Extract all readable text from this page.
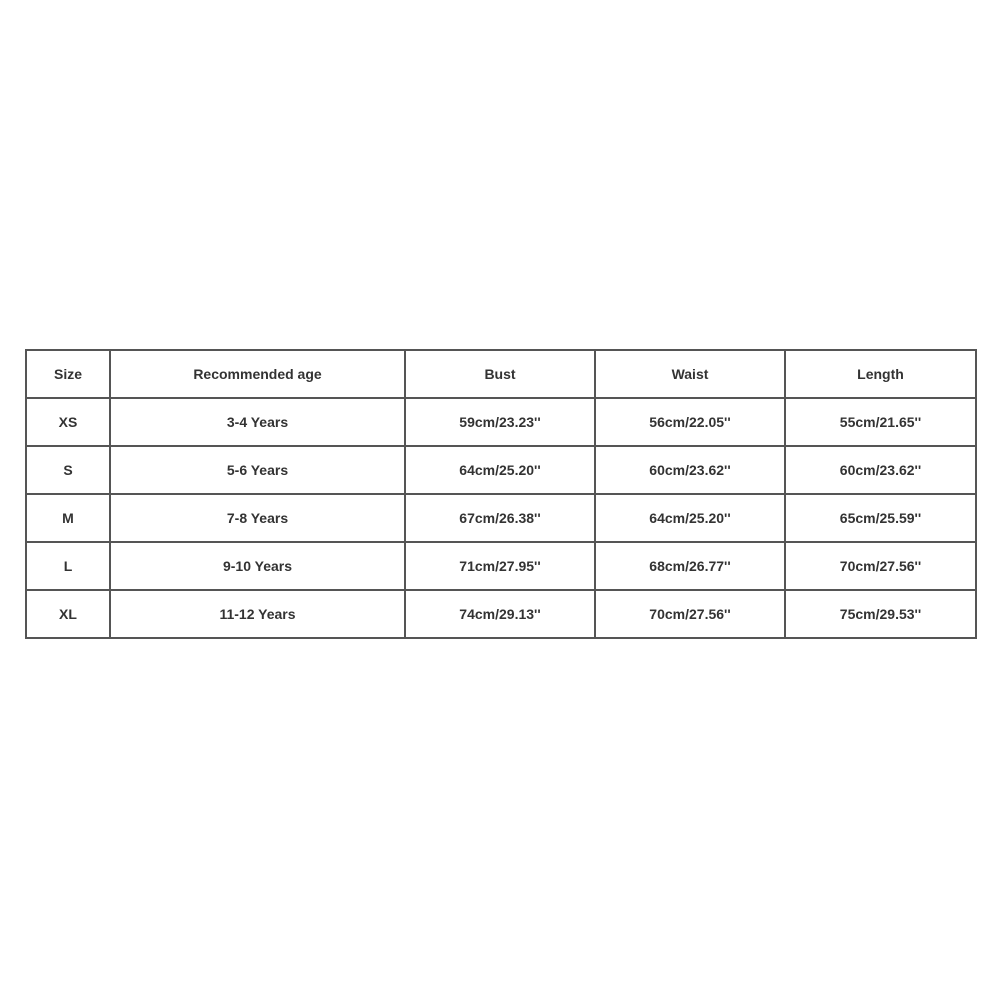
Size	Recommended age	Bust	Waist	Length
XS	3-4 Years	59cm/23.23''	56cm/22.05''	55cm/21.65''
S	5-6 Years	64cm/25.20''	60cm/23.62''	60cm/23.62''
M	7-8 Years	67cm/26.38''	64cm/25.20''	65cm/25.59''
L	9-10 Years	71cm/27.95''	68cm/26.77''	70cm/27.56''
XL	11-12 Years	74cm/29.13''	70cm/27.56''	75cm/29.53''
